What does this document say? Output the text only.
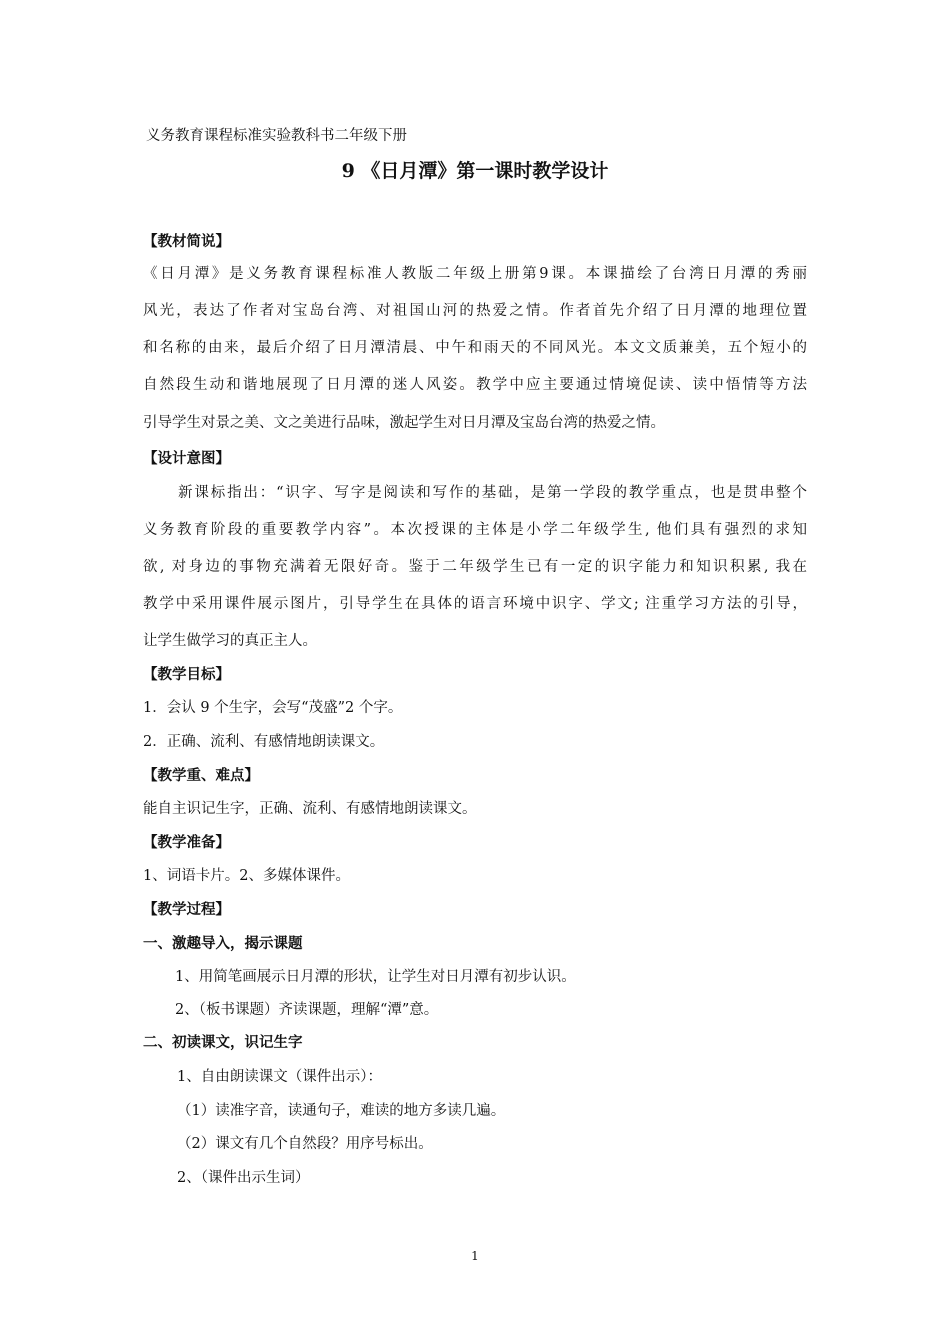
义务教育课程标准实验教科书二年级下册
9 《日月潭》第一课时教学设计
【教材简说】
《日月潭》是义务教育课程标准人教版二年级上册第9课。本课描绘了台湾日月潭的秀丽
风光，表达了作者对宝岛台湾、对祖国山河的热爱之情。作者首先介绍了日月潭的地理位置
和名称的由来，最后介绍了日月潭清晨、中午和雨天的不同风光。本文文质兼美，五个短小的
自然段生动和谐地展现了日月潭的迷人风姿。教学中应主要通过情境促读、读中悟情等方法
引导学生对景之美、文之美进行品味，激起学生对日月潭及宝岛台湾的热爱之情。
【设计意图】
新课标指出：“识字、写字是阅读和写作的基础，是第一学段的教学重点，也是贯串整个
义务教育阶段的重要教学内容”。本次授课的主体是小学二年级学生, 他们具有强烈的求知
欲, 对身边的事物充满着无限好奇。鉴于二年级学生已有一定的识字能力和知识积累, 我在
教学中采用课件展示图片，引导学生在具体的语言环境中识字、学文; 注重学习方法的引导，
让学生做学习的真正主人。
【教学目标】
1．会认 9 个生字，会写“茂盛”2 个字。
2．正确、流利、有感情地朗读课文。
【教学重、难点】
能自主识记生字，正确、流利、有感情地朗读课文。
【教学准备】
1、词语卡片。2、多媒体课件。
【教学过程】
一、激趣导入，揭示课题
1、用简笔画展示日月潭的形状，让学生对日月潭有初步认识。
2、（板书课题）齐读课题，理解“潭”意。
二、初读课文，识记生字
1、自由朗读课文（课件出示）：
（1）读准字音，读通句子，难读的地方多读几遍。
（2）课文有几个自然段？用序号标出。
2、（课件出示生词）
1
